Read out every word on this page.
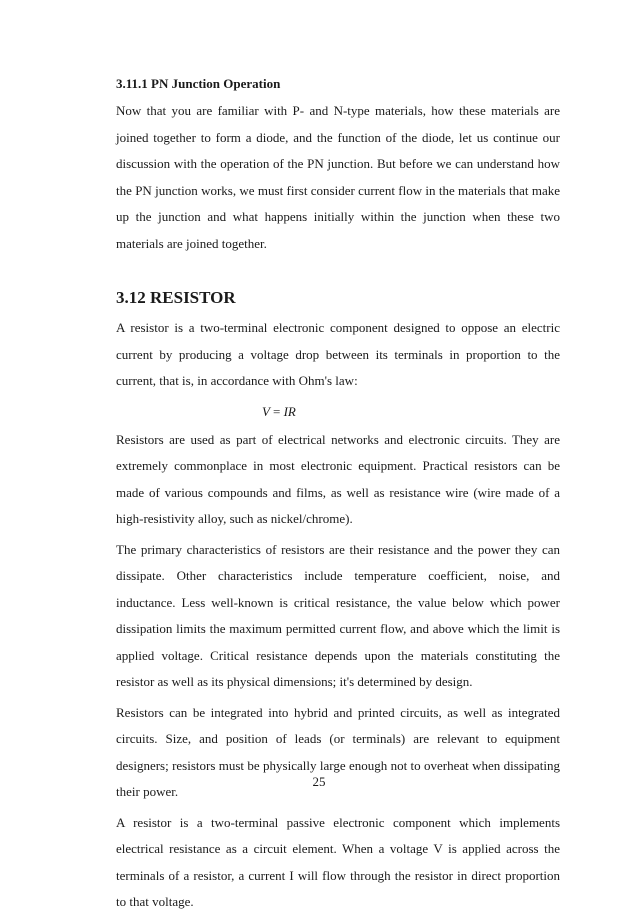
3.11.1 PN Junction Operation

Now that you are familiar with P- and N-type materials, how these materials are joined together to form a diode, and the function of the diode, let us continue our discussion with the operation of the PN junction. But before we can understand how the PN junction works, we must first consider current flow in the materials that make up the junction and what happens initially within the junction when these two materials are joined together.

3.12 RESISTOR

A resistor is a two-terminal electronic component designed to oppose an electric current by producing a voltage drop between its terminals in proportion to the current, that is, in accordance with Ohm's law:

V = IR

Resistors are used as part of electrical networks and electronic circuits. They are extremely commonplace in most electronic equipment. Practical resistors can be made of various compounds and films, as well as resistance wire (wire made of a high-resistivity alloy, such as nickel/chrome).

The primary characteristics of resistors are their resistance and the power they can dissipate. Other characteristics include temperature coefficient, noise, and inductance. Less well-known is critical resistance, the value below which power dissipation limits the maximum permitted current flow, and above which the limit is applied voltage. Critical resistance depends upon the materials constituting the resistor as well as its physical dimensions; it's determined by design.

Resistors can be integrated into hybrid and printed circuits, as well as integrated circuits. Size, and position of leads (or terminals) are relevant to equipment designers; resistors must be physically large enough not to overheat when dissipating their power.

A resistor is a two-terminal passive electronic component which implements electrical resistance as a circuit element. When a voltage V is applied across the terminals of a resistor, a current I will flow through the resistor in direct proportion to that voltage.

25
